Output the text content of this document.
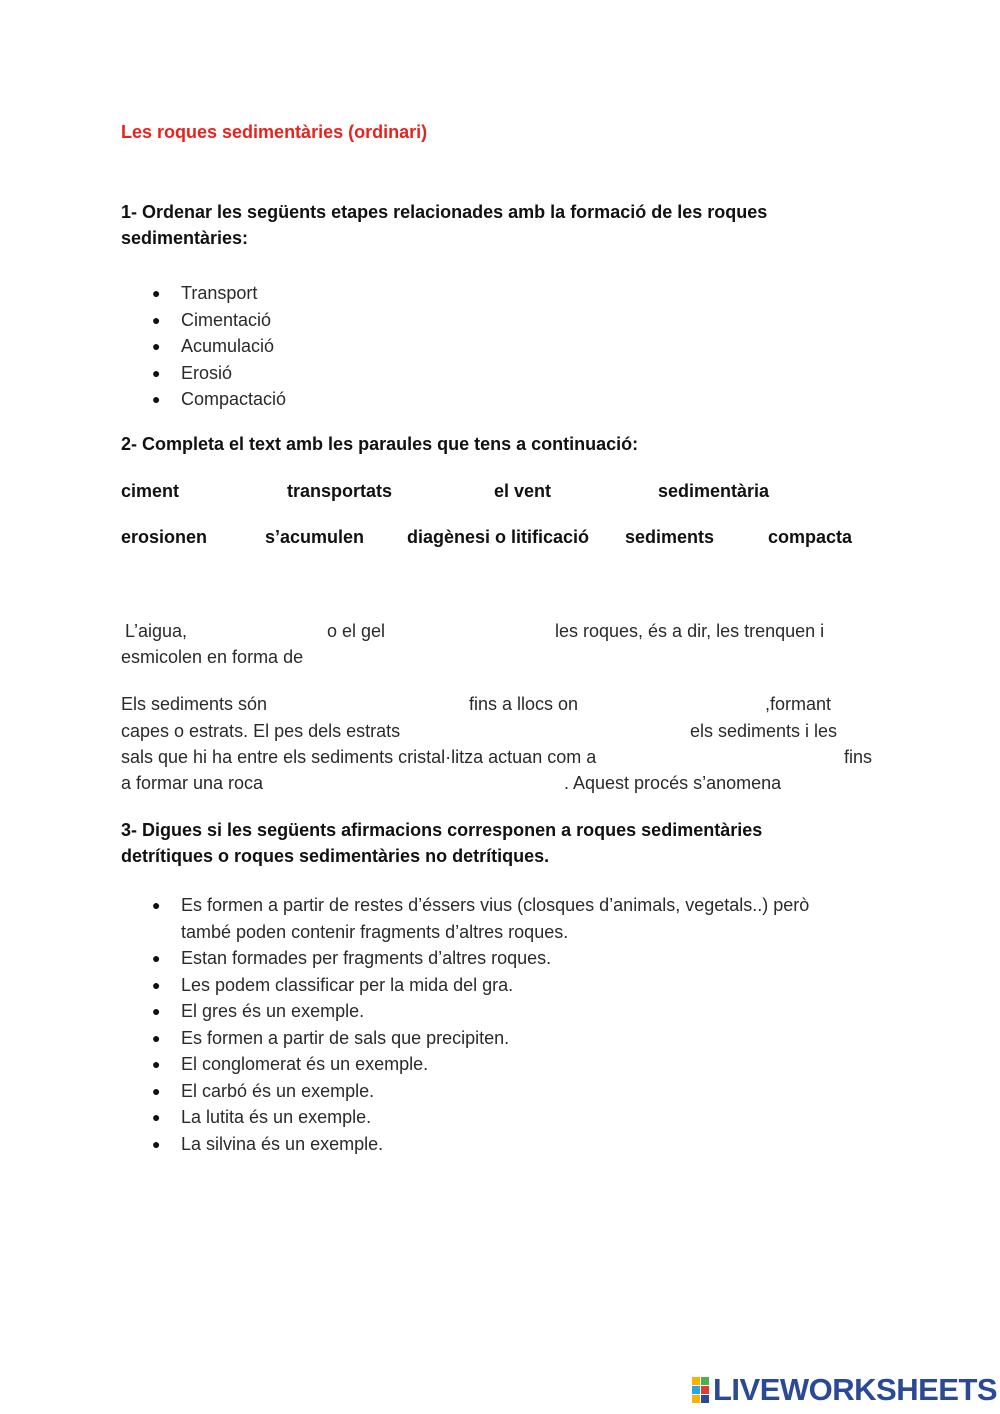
Les roques sedimentàries (ordinari)
1- Ordenar les següents etapes relacionades amb la formació de les roques
sedimentàries:
● Transport
● Cimentació
● Acumulació
● Erosió
● Compactació
2- Completa el text amb les paraules que tens a continuació:
ciment	transportats	el vent	sedimentària
erosionen	s’acumulen diagènesi o litificació sediments	compacta
L’aigua,	o el gel	les roques, és a dir, les trenquen i
esmicolen en forma de
Els sediments són	fins a llocs on	,formant
capes o estrats. El pes dels estrats	els sediments i les
sals que hi ha entre els sediments cristal·litza actuan com a	fins
a formar una roca	. Aquest procés s’anomena
3- Digues si les següents afirmacions corresponen a roques sedimentàries
detrítiques o roques sedimentàries no detrítiques.
● Es formen a partir de restes d’éssers vius (closques d’animals, vegetals..) però
també poden contenir fragments d’altres roques.
● Estan formades per fragments d’altres roques.
● Les podem classificar per la mida del gra.
● El gres és un exemple.
● Es formen a partir de sals que precipiten.
● El conglomerat és un exemple.
● El carbó és un exemple.
● La lutita és un exemple.
● La silvina és un exemple.
LIVEWORKSHEETS
